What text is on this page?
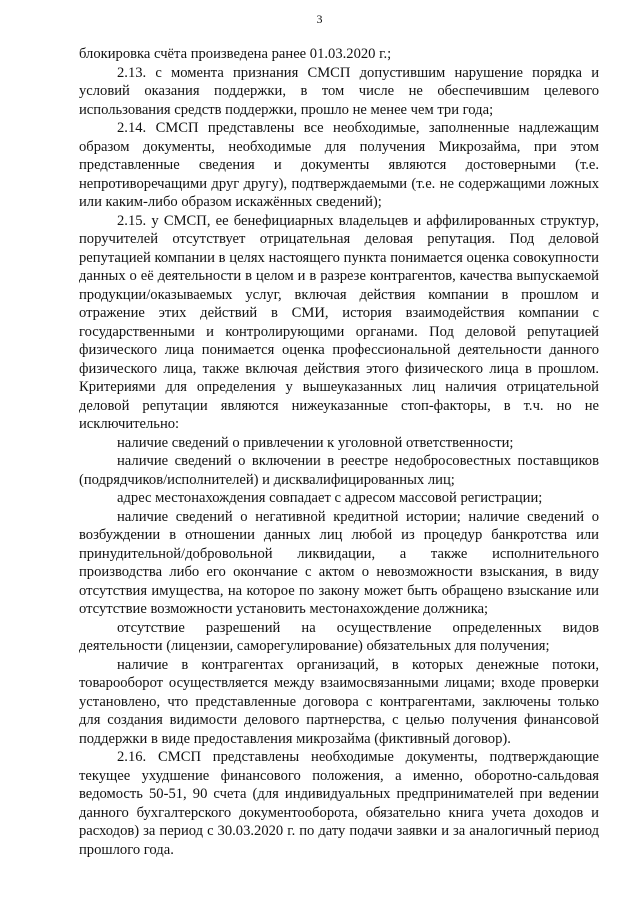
3

блокировка счёта произведена ранее 01.03.2020 г.;

2.13. с момента признания СМСП допустившим нарушение порядка и условий оказания поддержки, в том числе не обеспечившим целевого использования средств поддержки, прошло не менее чем три года;

2.14. СМСП представлены все необходимые, заполненные надлежащим образом документы, необходимые для получения Микрозайма, при этом представленные сведения и документы являются достоверными (т.е. непротиворечащими друг другу), подтверждаемыми (т.е. не содержащими ложных или каким-либо образом искажённых сведений);

2.15. у СМСП, ее бенефициарных владельцев и аффилированных структур, поручителей отсутствует отрицательная деловая репутация. Под деловой репутацией компании в целях настоящего пункта понимается оценка совокупности данных о её деятельности в целом и в разрезе контрагентов, качества выпускаемой продукции/оказываемых услуг, включая действия компании в прошлом и отражение этих действий в СМИ, история взаимодействия компании с государственными и контролирующими органами. Под деловой репутацией физического лица понимается оценка профессиональной деятельности данного физического лица, также включая действия этого физического лица в прошлом. Критериями для определения у вышеуказанных лиц наличия отрицательной деловой репутации являются нижеуказанные стоп-факторы, в т.ч. но не исключительно:

наличие сведений о привлечении к уголовной ответственности;

наличие сведений о включении в реестре недобросовестных поставщиков (подрядчиков/исполнителей) и дисквалифицированных лиц;

адрес местонахождения совпадает с адресом массовой регистрации;

наличие сведений о негативной кредитной истории; наличие сведений о возбуждении в отношении данных лиц любой из процедур банкротства или принудительной/добровольной ликвидации, а также исполнительного производства либо его окончание с актом о невозможности взыскания, в виду отсутствия имущества, на которое по закону может быть обращено взыскание или отсутствие возможности установить местонахождение должника;

отсутствие разрешений на осуществление определенных видов деятельности (лицензии, саморегулирование) обязательных для получения;

наличие в контрагентах организаций, в которых денежные потоки, товарооборот осуществляется между взаимосвязанными лицами; входе проверки установлено, что представленные договора с контрагентами, заключены только для создания видимости делового партнерства, с целью получения финансовой поддержки в виде предоставления микрозайма (фиктивный договор).

2.16. СМСП представлены необходимые документы, подтверждающие текущее ухудшение финансового положения, а именно, оборотно-сальдовая ведомость 50-51, 90 счета (для индивидуальных предпринимателей при ведении данного бухгалтерского документооборота, обязательно книга учета доходов и расходов) за период с 30.03.2020 г. по дату подачи заявки и за аналогичный период прошлого года.
